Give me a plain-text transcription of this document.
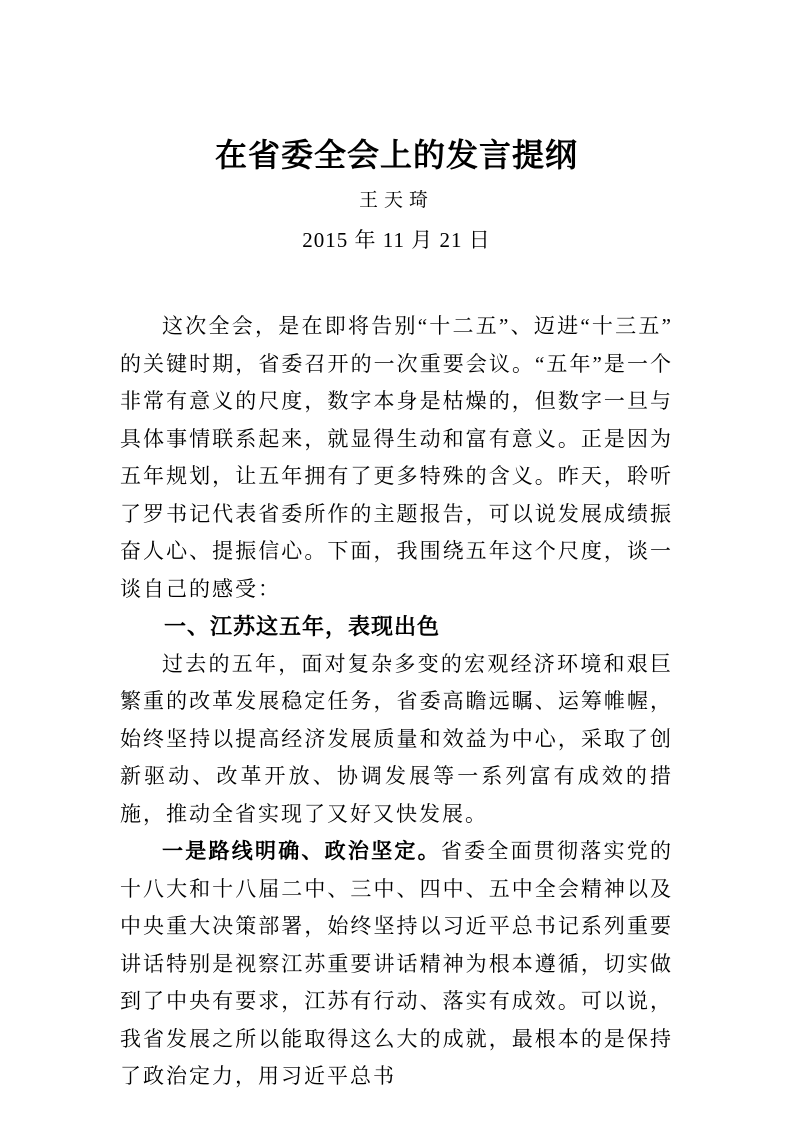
在省委全会上的发言提纲
王天琦
2015 年 11 月 21 日

这次全会，是在即将告别“十二五”、迈进“十三五”的关键时期，省委召开的一次重要会议。“五年”是一个非常有意义的尺度，数字本身是枯燥的，但数字一旦与具体事情联系起来，就显得生动和富有意义。正是因为五年规划，让五年拥有了更多特殊的含义。昨天，聆听了罗书记代表省委所作的主题报告，可以说发展成绩振奋人心、提振信心。下面，我围绕五年这个尺度，谈一谈自己的感受：

一、江苏这五年，表现出色

过去的五年，面对复杂多变的宏观经济环境和艰巨繁重的改革发展稳定任务，省委高瞻远瞩、运筹帷幄，始终坚持以提高经济发展质量和效益为中心，采取了创新驱动、改革开放、协调发展等一系列富有成效的措施，推动全省实现了又好又快发展。

一是路线明确、政治坚定。省委全面贯彻落实党的十八大和十八届二中、三中、四中、五中全会精神以及中央重大决策部署，始终坚持以习近平总书记系列重要讲话特别是视察江苏重要讲话精神为根本遵循，切实做到了中央有要求，江苏有行动、落实有成效。可以说，我省发展之所以能取得这么大的成就，最根本的是保持了政治定力，用习近平总书
